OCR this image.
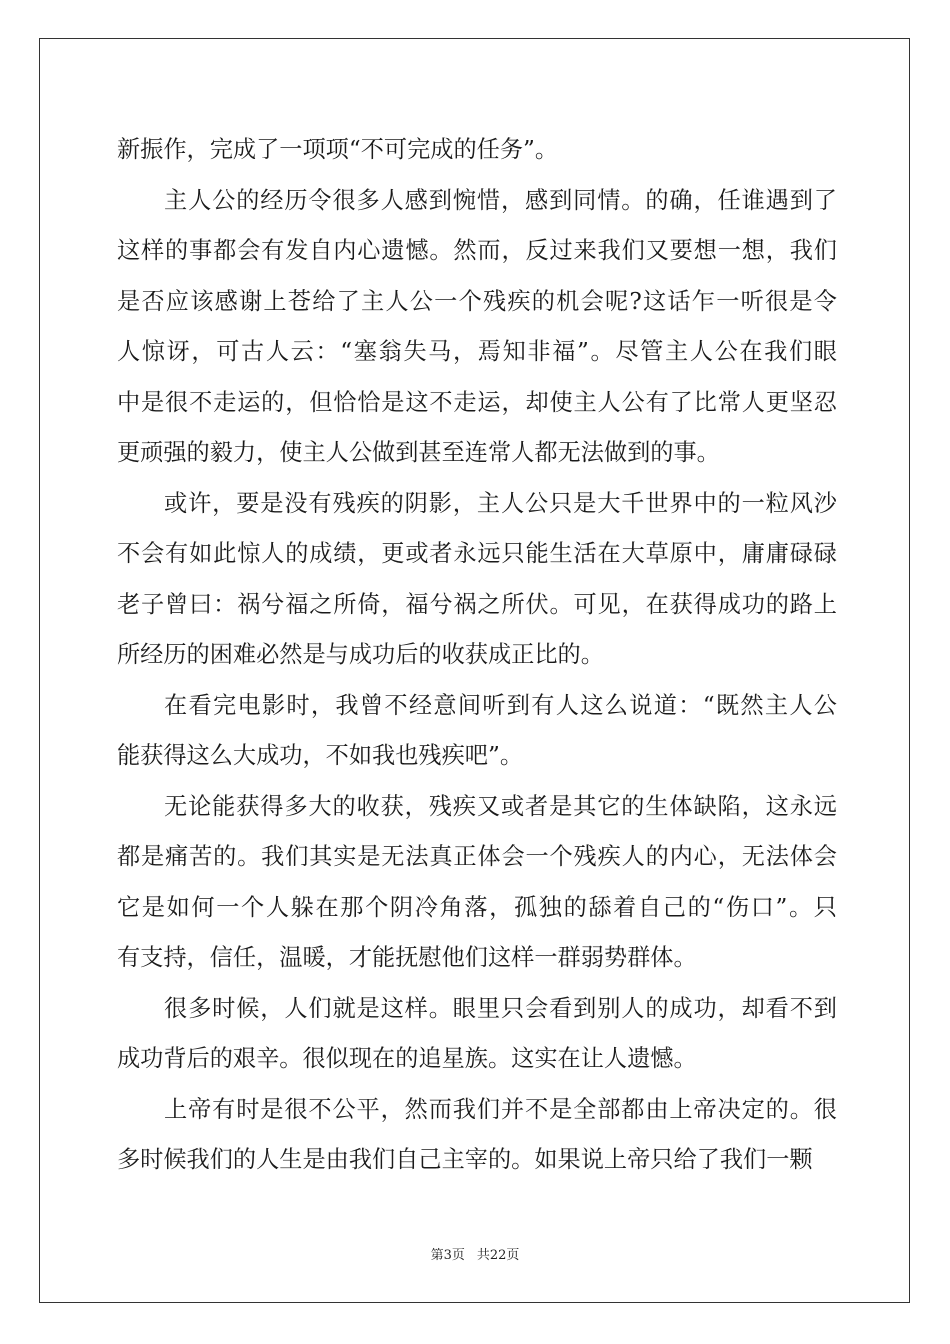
新振作，完成了一项项“不可完成的任务”。
主人公的经历令很多人感到惋惜，感到同情。的确，任谁遇到了
这样的事都会有发自内心遗憾。然而，反过来我们又要想一想，我们
是否应该感谢上苍给了主人公一个残疾的机会呢?这话乍一听很是令
人惊讶，可古人云：“塞翁失马，焉知非福”。尽管主人公在我们眼
中是很不走运的，但恰恰是这不走运，却使主人公有了比常人更坚忍
更顽强的毅力，使主人公做到甚至连常人都无法做到的事。
或许，要是没有残疾的阴影，主人公只是大千世界中的一粒风沙
不会有如此惊人的成绩，更或者永远只能生活在大草原中，庸庸碌碌
老子曾曰：祸兮福之所倚，福兮祸之所伏。可见，在获得成功的路上
所经历的困难必然是与成功后的收获成正比的。
在看完电影时，我曾不经意间听到有人这么说道：“既然主人公
能获得这么大成功，不如我也残疾吧”。
无论能获得多大的收获，残疾又或者是其它的生体缺陷，这永远
都是痛苦的。我们其实是无法真正体会一个残疾人的内心，无法体会
它是如何一个人躲在那个阴冷角落，孤独的舔着自己的“伤口”。只
有支持，信任，温暖，才能抚慰他们这样一群弱势群体。
很多时候，人们就是这样。眼里只会看到别人的成功，却看不到
成功背后的艰辛。很似现在的追星族。这实在让人遗憾。
上帝有时是很不公平，然而我们并不是全部都由上帝决定的。很
多时候我们的人生是由我们自己主宰的。如果说上帝只给了我们一颗
第3页 共22页
